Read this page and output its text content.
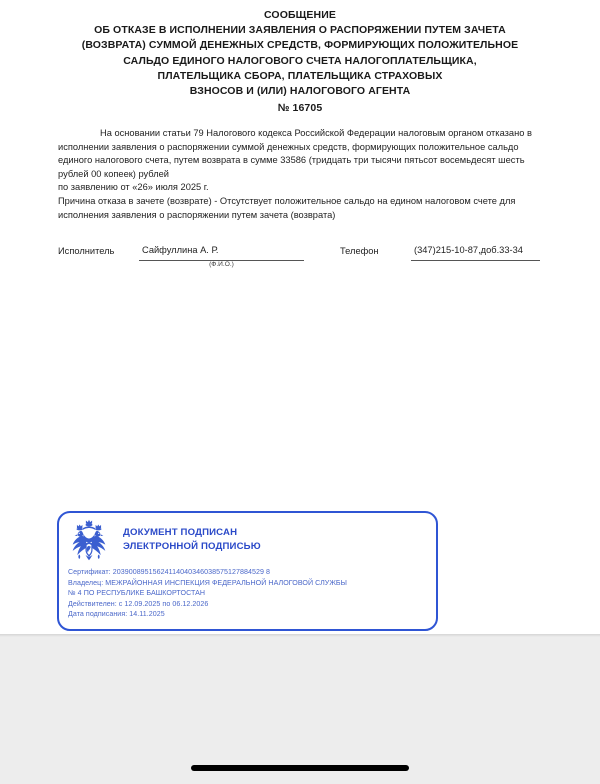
СООБЩЕНИЕ
ОБ ОТКАЗЕ В ИСПОЛНЕНИИ ЗАЯВЛЕНИЯ О РАСПОРЯЖЕНИИ ПУТЕМ ЗАЧЕТА
(ВОЗВРАТА) СУММОЙ ДЕНЕЖНЫХ СРЕДСТВ, ФОРМИРУЮЩИХ ПОЛОЖИТЕЛЬНОЕ
САЛЬДО ЕДИНОГО НАЛОГОВОГО СЧЕТА НАЛОГОПЛАТЕЛЬЩИКА,
ПЛАТЕЛЬЩИКА СБОРА, ПЛАТЕЛЬЩИКА СТРАХОВЫХ
ВЗНОСОВ И (ИЛИ) НАЛОГОВОГО АГЕНТА
№ 16705

На основании статьи 79 Налогового кодекса Российской Федерации налоговым органом отказано в исполнении заявления о распоряжении суммой денежных средств, формирующих положительное сальдо единого налогового счета, путем возврата в сумме 33586 (тридцать три тысячи пятьсот восемьдесят шесть рублей 00 копеек) рублей

по заявлению от «26» июля 2025 г.

Причина отказа в зачете (возврате) - Отсутствует положительное сальдо на едином налоговом счете для исполнения заявления о распоряжении путем зачета (возврата)

Исполнитель	Сайфуллина А. Р.
(Ф.И.О.)
Телефон	(347)215-10-87,доб.33-34
ДОКУМЕНТ ПОДПИСАН
ЭЛЕКТРОННОЙ ПОДПИСЬЮ
Сертификат: 20390089515624114040346038575127884529 8
Владелец: МЕЖРАЙОННАЯ ИНСПЕКЦИЯ ФЕДЕРАЛЬНОЙ НАЛОГОВОЙ СЛУЖБЫ
№ 4 ПО РЕСПУБЛИКЕ БАШКОРТОСТАН
Действителен: с 12.09.2025 по 06.12.2026
Дата подписания: 14.11.2025
